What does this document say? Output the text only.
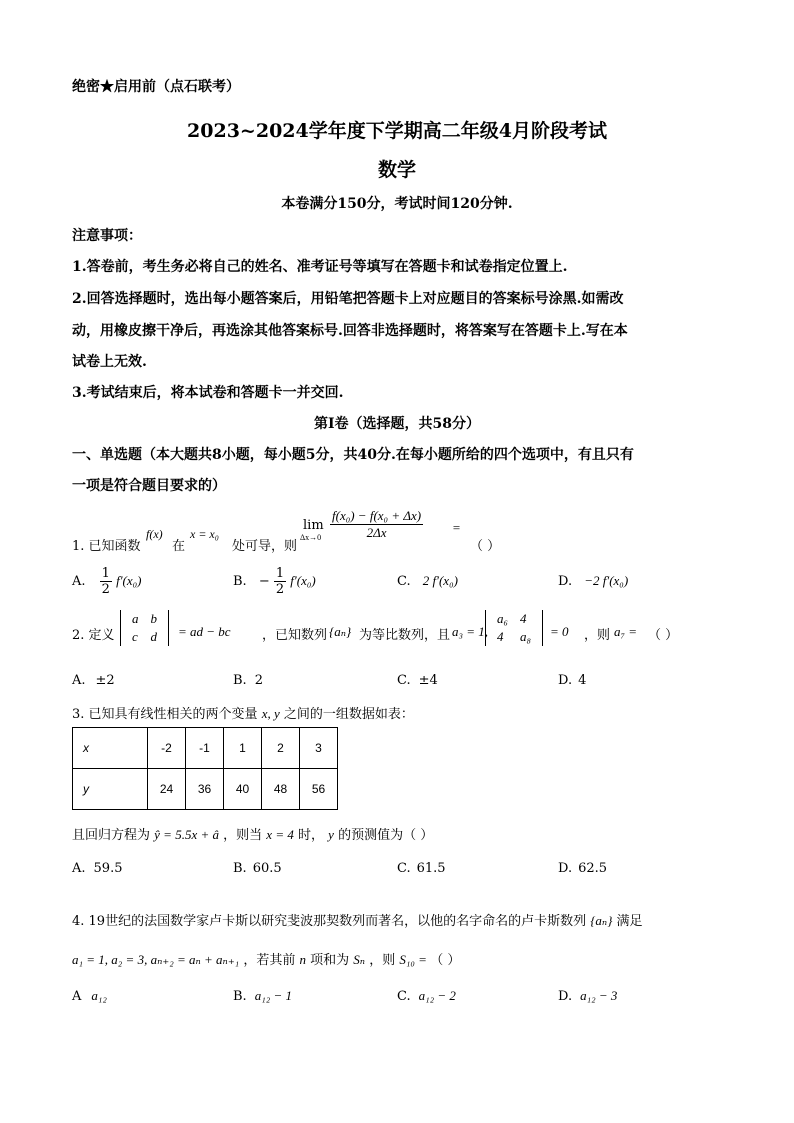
绝密★启用前（点石联考）
2023~2024学年度下学期高二年级4月阶段考试
数学
本卷满分150分，考试时间120分钟.
注意事项：
1.答卷前，考生务必将自己的姓名、准考证号等填写在答题卡和试卷指定位置上.
2.回答选择题时，选出每小题答案后，用铅笔把答题卡上对应题目的答案标号涂黑.如需改
动，用橡皮擦干净后，再选涂其他答案标号.回答非选择题时，将答案写在答题卡上.写在本
试卷上无效.
3.考试结束后，将本试卷和答题卡一并交回.
第Ⅰ卷（选择题，共58分）
一、单选题（本大题共8小题，每小题5分，共40分.在每小题所给的四个选项中，有且只有
一项是符合题目要求的）
1. 已知函数
f(x)
在
x = x₀
处可导，则
lim
$\Delta x\to 0 \frac{\text{f(x₀) − f(x₀ + Δx)}}{2\Delta x}$ =
（ ）
A. $\frac{1}{2} f'(x_0)$	B. − $\frac{1}{2} f'(x_0)$	C. 2 f′(x₀)	D. −2 f′(x₀)
2. 定义
a	b
c	d = ad − bc ，已知数列 {aₙ} 为等比数列，且 a₃ = 1,
a₆	4
4	a₈ = 0 ，则 a₇ = （ ）
A. ±2	B. 2	C. ±4	D. 4
3. 已知具有线性相关的两个变量 x, y 之间的一组数据如表：
x	-2	-1	1	2	3
y	24	36	40	48	56
且回归方程为 ŷ = 5.5x + â ，则当 x = 4 时， y 的预测值为（ ）
A. 59.5	B. 60.5	C. 61.5	D. 62.5
4. 19世纪的法国数学家卢卡斯以研究斐波那契数列而著名，以他的名字命名的卢卡斯数列 {aₙ} 满足
a₁ = 1, a₂ = 3, aₙ₊₂ = aₙ + aₙ₊₁ ，若其前 n 项和为 Sₙ ，则 S₁₀ = （ ）
A a₁₂	B. a₁₂ − 1	C. a₁₂ − 2	D. a₁₂ − 3
